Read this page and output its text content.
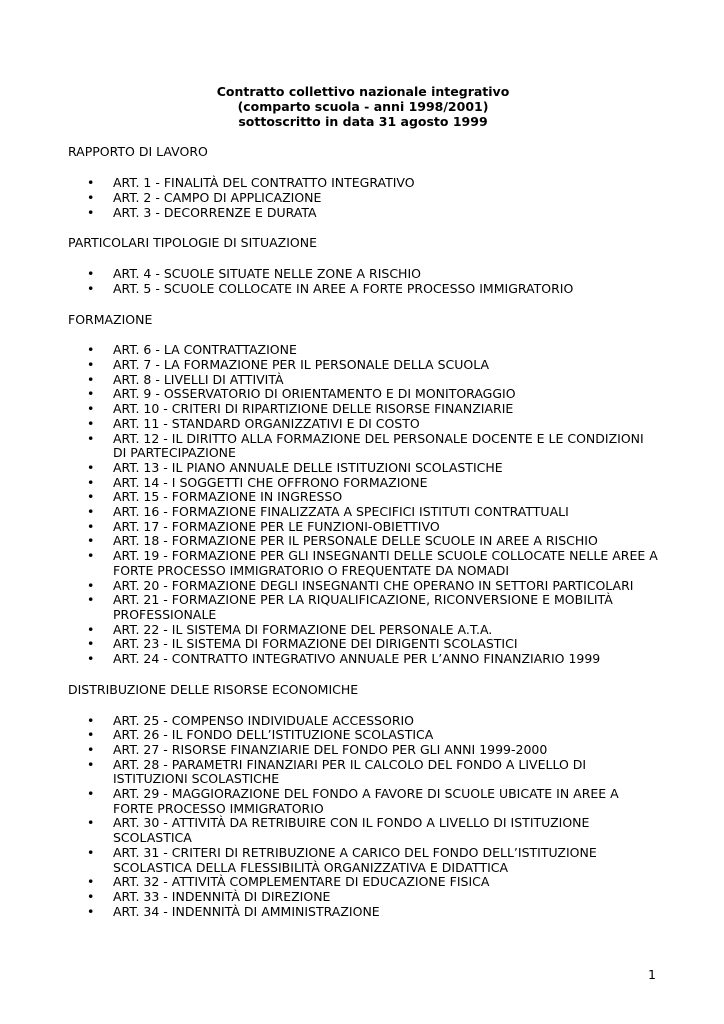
Contratto collettivo nazionale integrativo
(comparto scuola - anni 1998/2001)
sottoscritto in data 31 agosto 1999
RAPPORTO DI LAVORO
• ART. 1 - FINALITÀ DEL CONTRATTO INTEGRATIVO
• ART. 2 - CAMPO DI APPLICAZIONE
• ART. 3 - DECORRENZE E DURATA
PARTICOLARI TIPOLOGIE DI SITUAZIONE
• ART. 4 - SCUOLE SITUATE NELLE ZONE A RISCHIO
• ART. 5 - SCUOLE COLLOCATE IN AREE A FORTE PROCESSO IMMIGRATORIO
FORMAZIONE
• ART. 6 - LA CONTRATTAZIONE
• ART. 7 - LA FORMAZIONE PER IL PERSONALE DELLA SCUOLA
• ART. 8 - LIVELLI DI ATTIVITÀ
• ART. 9 - OSSERVATORIO DI ORIENTAMENTO E DI MONITORAGGIO
• ART. 10 - CRITERI DI RIPARTIZIONE DELLE RISORSE FINANZIARIE
• ART. 11 - STANDARD ORGANIZZATIVI E DI COSTO
• ART. 12 - IL DIRITTO ALLA FORMAZIONE DEL PERSONALE DOCENTE E LE CONDIZIONI DI PARTECIPAZIONE
• ART. 13 - IL PIANO ANNUALE DELLE ISTITUZIONI SCOLASTICHE
• ART. 14 - I SOGGETTI CHE OFFRONO FORMAZIONE
• ART. 15 - FORMAZIONE IN INGRESSO
• ART. 16 - FORMAZIONE FINALIZZATA A SPECIFICI ISTITUTI CONTRATTUALI
• ART. 17 - FORMAZIONE PER LE FUNZIONI-OBIETTIVO
• ART. 18 - FORMAZIONE PER IL PERSONALE DELLE SCUOLE IN AREE A RISCHIO
• ART. 19 - FORMAZIONE PER GLI INSEGNANTI DELLE SCUOLE COLLOCATE NELLE AREE A FORTE PROCESSO IMMIGRATORIO O FREQUENTATE DA NOMADI
• ART. 20 - FORMAZIONE DEGLI INSEGNANTI CHE OPERANO IN SETTORI PARTICOLARI
• ART. 21 - FORMAZIONE PER LA RIQUALIFICAZIONE, RICONVERSIONE E MOBILITÀ PROFESSIONALE
• ART. 22 - IL SISTEMA DI FORMAZIONE DEL PERSONALE A.T.A.
• ART. 23 - IL SISTEMA DI FORMAZIONE DEI DIRIGENTI SCOLASTICI
• ART. 24 - CONTRATTO INTEGRATIVO ANNUALE PER L’ANNO FINANZIARIO 1999
DISTRIBUZIONE DELLE RISORSE ECONOMICHE
• ART. 25 - COMPENSO INDIVIDUALE ACCESSORIO
• ART. 26 - IL FONDO DELL’ISTITUZIONE SCOLASTICA
• ART. 27 - RISORSE FINANZIARIE DEL FONDO PER GLI ANNI 1999-2000
• ART. 28 - PARAMETRI FINANZIARI PER IL CALCOLO DEL FONDO A LIVELLO DI ISTITUZIONI SCOLASTICHE
• ART. 29 - MAGGIORAZIONE DEL FONDO A FAVORE DI SCUOLE UBICATE IN AREE A FORTE PROCESSO IMMIGRATORIO
• ART. 30 - ATTIVITÀ DA RETRIBUIRE CON IL FONDO A LIVELLO DI ISTITUZIONE SCOLASTICA
• ART. 31 - CRITERI DI RETRIBUZIONE A CARICO DEL FONDO DELL’ISTITUZIONE SCOLASTICA DELLA FLESSIBILITÀ ORGANIZZATIVA E DIDATTICA
• ART. 32 - ATTIVITÀ COMPLEMENTARE DI EDUCAZIONE FISICA
• ART. 33 - INDENNITÀ DI DIREZIONE
• ART. 34 - INDENNITÀ DI AMMINISTRAZIONE
1
